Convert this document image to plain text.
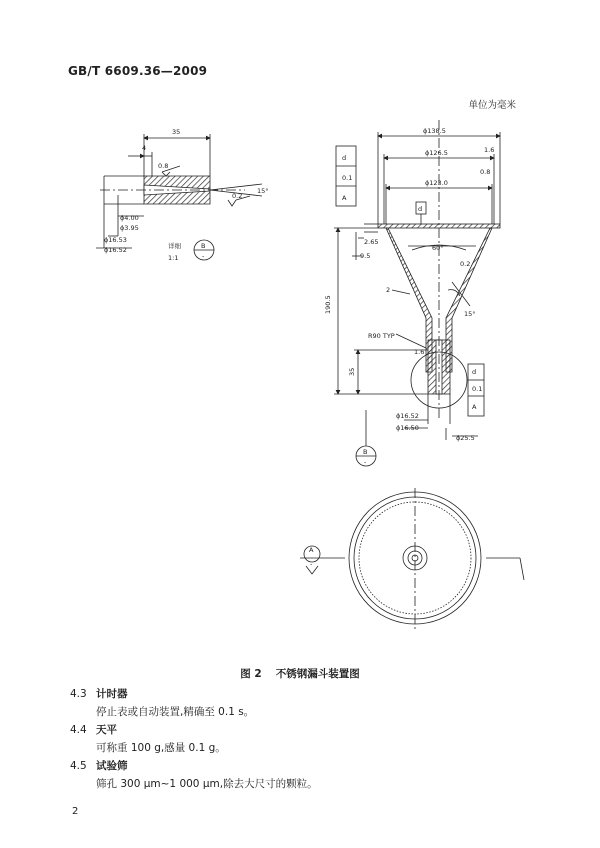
GB/T 6609.36—2009
单位为毫米
35
4
0.8
0.2
15°
ϕ4.00
ϕ3.95
ϕ16.53
ϕ16.52	详细
1:1
B
-
ϕ138.5
ϕ126.5
ϕ123.0
1.6
0.8
0.2
1.6
d
0.1
A
d
2.65
9.5
60°
15°
190.5
2
R90 TYP
35	d
0.1
A
ϕ16.52
ϕ16.50
ϕ25.5
B
-
A
-
图 2 不锈钢漏斗装置图
4.3 计时器
停止表或自动装置,精确至 0.1 s。
4.4 天平
可称重 100 g,感量 0.1 g。
4.5 试验筛
筛孔 300 μm~1 000 μm,除去大尺寸的颗粒。
2
